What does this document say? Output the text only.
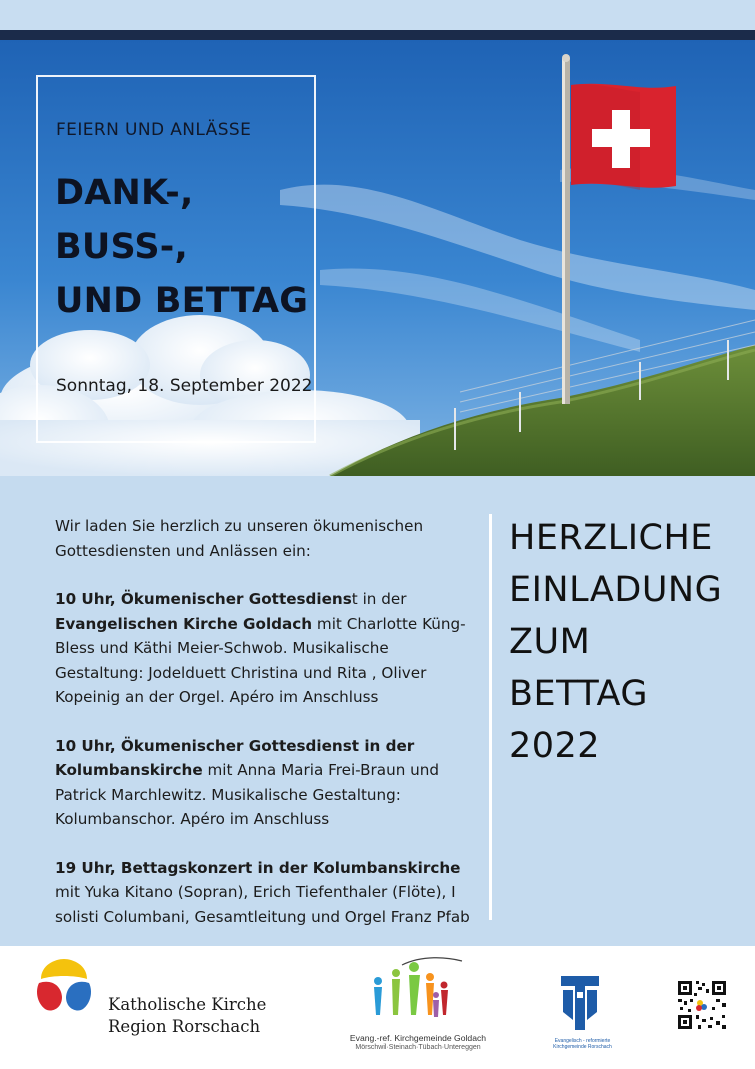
FEIERN UND ANLÄSSE
DANK-,
BUSS-,
UND BETTAG
Sonntag, 18. September 2022

Wir laden Sie herzlich zu unseren ökumenischen Gottesdiensten und Anlässen ein:

10 Uhr, Ökumenischer Gottesdienst in der Evangelischen Kirche Goldach mit Charlotte Küng-Bless und Käthi Meier-Schwob. Musikalische Gestaltung: Jodelduett Christina und Rita , Oliver Kopeinig an der Orgel. Apéro im Anschluss

10 Uhr, Ökumenischer Gottesdienst in der Kolumbanskirche mit Anna Maria Frei-Braun und Patrick Marchlewitz. Musikalische Gestaltung: Kolumbanschor. Apéro im Anschluss

19 Uhr, Bettagskonzert in der Kolumbanskirche mit Yuka Kitano (Sopran), Erich Tiefenthaler (Flöte), I solisti Columbani, Gesamtleitung und Orgel Franz Pfab

HERZLICHE
EINLADUNG
ZUM
BETTAG
2022
Katholische Kirche
Region Rorschach
Evang.-ref. Kirchgemeinde Goldach
Mörschwil·Steinach·Tübach·Untereggen
Evangelisch - reformierte
Kirchgemeinde Rorschach
